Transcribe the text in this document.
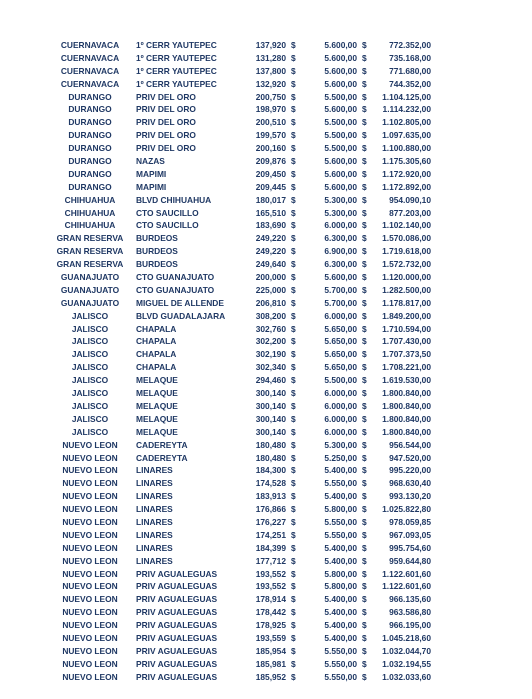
CUERNAVACA	1º CERR YAUTEPEC	137,920 $	5.600,00 $	772.352,00
CUERNAVACA	1º CERR YAUTEPEC	131,280 $	5.600,00 $	735.168,00
CUERNAVACA	1º CERR YAUTEPEC	137,800 $	5.600,00 $	771.680,00
CUERNAVACA	1º CERR YAUTEPEC	132,920 $	5.600,00 $	744.352,00
DURANGO	PRIV DEL ORO	200,750 $	5.500,00 $	1.104.125,00
DURANGO	PRIV DEL ORO	198,970 $	5.600,00 $	1.114.232,00
DURANGO	PRIV DEL ORO	200,510 $	5.500,00 $	1.102.805,00
DURANGO	PRIV DEL ORO	199,570 $	5.500,00 $	1.097.635,00
DURANGO	PRIV DEL ORO	200,160 $	5.500,00 $	1.100.880,00
DURANGO	NAZAS	209,876 $	5.600,00 $	1.175.305,60
DURANGO	MAPIMI	209,450 $	5.600,00 $	1.172.920,00
DURANGO	MAPIMI	209,445 $	5.600,00 $	1.172.892,00
CHIHUAHUA	BLVD CHIHUAHUA	180,017 $	5.300,00 $	954.090,10
CHIHUAHUA	CTO SAUCILLO	165,510 $	5.300,00 $	877.203,00
CHIHUAHUA	CTO SAUCILLO	183,690 $	6.000,00 $	1.102.140,00
GRAN RESERVA	BURDEOS	249,220 $	6.300,00 $	1.570.086,00
GRAN RESERVA	BURDEOS	249,220 $	6.900,00 $	1.719.618,00
GRAN RESERVA	BURDEOS	249,640 $	6.300,00 $	1.572.732,00
GUANAJUATO	CTO GUANAJUATO	200,000 $	5.600,00 $	1.120.000,00
GUANAJUATO	CTO GUANAJUATO	225,000 $	5.700,00 $	1.282.500,00
GUANAJUATO	MIGUEL DE ALLENDE	206,810 $	5.700,00 $	1.178.817,00
JALISCO	BLVD GUADALAJARA	308,200 $	6.000,00 $	1.849.200,00
JALISCO	CHAPALA	302,760 $	5.650,00 $	1.710.594,00
JALISCO	CHAPALA	302,200 $	5.650,00 $	1.707.430,00
JALISCO	CHAPALA	302,190 $	5.650,00 $	1.707.373,50
JALISCO	CHAPALA	302,340 $	5.650,00 $	1.708.221,00
JALISCO	MELAQUE	294,460 $	5.500,00 $	1.619.530,00
JALISCO	MELAQUE	300,140 $	6.000,00 $	1.800.840,00
JALISCO	MELAQUE	300,140 $	6.000,00 $	1.800.840,00
JALISCO	MELAQUE	300,140 $	6.000,00 $	1.800.840,00
JALISCO	MELAQUE	300,140 $	6.000,00 $	1.800.840,00
NUEVO LEON	CADEREYTA	180,480 $	5.300,00 $	956.544,00
NUEVO LEON	CADEREYTA	180,480 $	5.250,00 $	947.520,00
NUEVO LEON	LINARES	184,300 $	5.400,00 $	995.220,00
NUEVO LEON	LINARES	174,528 $	5.550,00 $	968.630,40
NUEVO LEON	LINARES	183,913 $	5.400,00 $	993.130,20
NUEVO LEON	LINARES	176,866 $	5.800,00 $	1.025.822,80
NUEVO LEON	LINARES	176,227 $	5.550,00 $	978.059,85
NUEVO LEON	LINARES	174,251 $	5.550,00 $	967.093,05
NUEVO LEON	LINARES	184,399 $	5.400,00 $	995.754,60
NUEVO LEON	LINARES	177,712 $	5.400,00 $	959.644,80
NUEVO LEON	PRIV AGUALEGUAS	193,552 $	5.800,00 $	1.122.601,60
NUEVO LEON	PRIV AGUALEGUAS	193,552 $	5.800,00 $	1.122.601,60
NUEVO LEON	PRIV AGUALEGUAS	178,914 $	5.400,00 $	966.135,60
NUEVO LEON	PRIV AGUALEGUAS	178,442 $	5.400,00 $	963.586,80
NUEVO LEON	PRIV AGUALEGUAS	178,925 $	5.400,00 $	966.195,00
NUEVO LEON	PRIV AGUALEGUAS	193,559 $	5.400,00 $	1.045.218,60
NUEVO LEON	PRIV AGUALEGUAS	185,954 $	5.550,00 $	1.032.044,70
NUEVO LEON	PRIV AGUALEGUAS	185,981 $	5.550,00 $	1.032.194,55
NUEVO LEON	PRIV AGUALEGUAS	185,952 $	5.550,00 $	1.032.033,60
